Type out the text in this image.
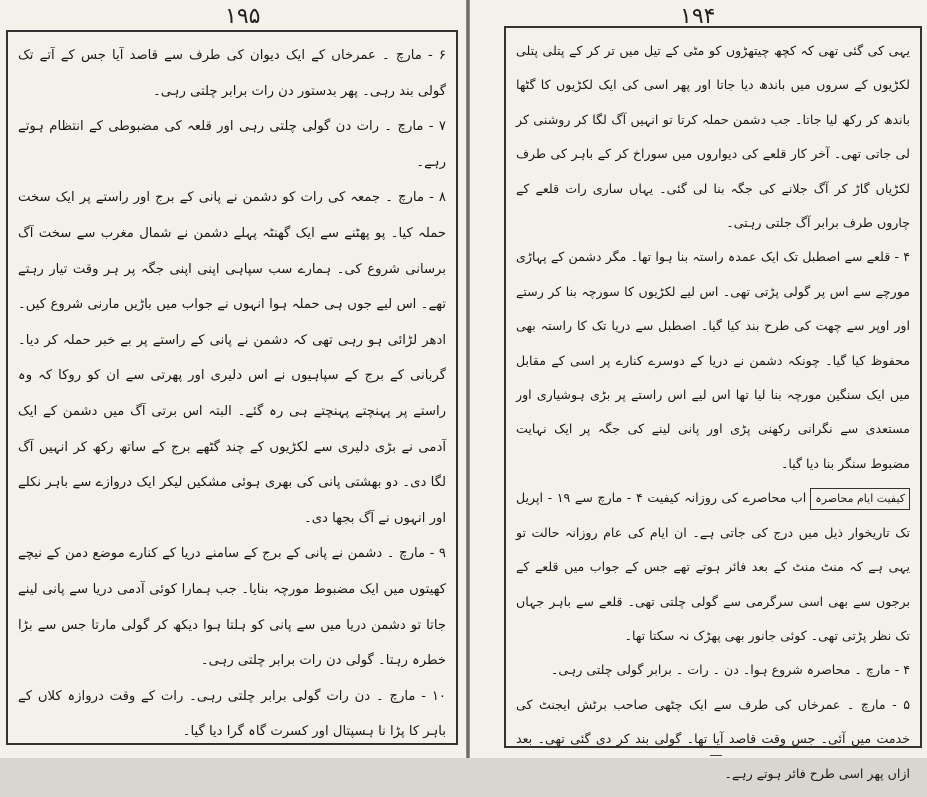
۱۹۵

۶ - مارچ ۔ عمرخاں کے ایک دیوان کی طرف سے قاصد آیا جس کے آتے تک گولی بند رہی۔ پھر بدستور دن رات برابر چلتی رہی۔

۷ - مارچ ۔ رات دن گولی چلتی رہی اور قلعہ کی مضبوطی کے انتظام ہوتے رہے۔

۸ - مارچ ۔ جمعہ کی رات کو دشمن نے پانی کے برج اور راستے پر ایک سخت حملہ کیا۔ پو پھٹنے سے ایک گھنٹہ پہلے دشمن نے شمال مغرب سے سخت آگ برسانی شروع کی۔ ہمارے سب سپاہی اپنی اپنی جگہ پر ہر وقت تیار رہتے تھے۔ اس لیے جوں ہی حملہ ہوا انہوں نے جواب میں باڑیں مارنی شروع کیں۔ ادھر لڑائی ہو رہی تھی کہ دشمن نے پانی کے راستے پر بے خبر حملہ کر دیا۔ گربانی کے برج کے سپاہیوں نے اس دلیری اور پھرتی سے ان کو روکا کہ وہ راستے پر پہنچتے پہنچتے ہی رہ گئے۔ البتہ اس برتی آگ میں دشمن کے ایک آدمی نے بڑی دلیری سے لکڑیوں کے چند گٹھے برج کے ساتھ رکھ کر انہیں آگ لگا دی۔ دو بھشتی پانی کی بھری ہوئی مشکیں لیکر ایک دروازے سے باہر نکلے اور انہوں نے آگ بجھا دی۔

۹ - مارچ ۔ دشمن نے پانی کے برج کے سامنے دریا کے کنارے موضع دمن کے نیچے کھیتوں میں ایک مضبوط مورچہ بنایا۔ جب ہمارا کوئی آدمی دریا سے پانی لینے جاتا تو دشمن دریا میں سے پانی کو ہلتا ہوا دیکھ کر گولی مارتا جس سے بڑا خطرہ رہتا۔ گولی دن رات برابر چلتی رہی۔

۱۰ - مارچ ۔ دن رات گولی برابر چلتی رہی۔ رات کے وقت دروازہ کلاں کے باہر کا پڑا نا ہسپتال اور کسرت گاہ گرا دیا گیا۔

۱۹۴

یہی کی گئی تھی کہ کچھ چیتھڑوں کو مٹی کے تیل میں تر کر کے پتلی پتلی لکڑیوں کے سروں میں باندھ دیا جاتا اور پھر اسی کی ایک لکڑیوں کا گٹھا باندھ کر رکھ لیا جاتا۔ جب دشمن حملہ کرتا تو انہیں آگ لگا کر روشنی کر لی جاتی تھی۔ آخر کار قلعے کی دیواروں میں سوراخ کر کے باہر کی طرف لکڑیاں گاڑ کر آگ جلانے کی جگہ بنا لی گئی۔ یہاں ساری رات قلعے کے چاروں طرف برابر آگ جلتی رہتی۔

۴ - قلعے سے اصطبل تک ایک عمدہ راستہ بنا ہوا تھا۔ مگر دشمن کے پہاڑی مورچے سے اس پر گولی پڑتی تھی۔ اس لیے لکڑیوں کا سورچہ بنا کر رستے اور اوپر سے چھت کی طرح بند کیا گیا۔ اصطبل سے دریا تک کا راستہ بھی محفوظ کیا گیا۔ چونکہ دشمن نے دریا کے دوسرے کنارے پر اسی کے مقابل میں ایک سنگین مورچہ بنا لیا تھا اس لیے اس راستے پر بڑی ہوشیاری اور مستعدی سے نگرانی رکھنی پڑی اور پانی لینے کی جگہ پر ایک نہایت مضبوط سنگر بنا دیا گیا۔

کیفیت ایام محاصرہاب محاصرے کی روزانہ کیفیت ۴ - مارچ سے ۱۹ - اپریل تک تاریخوار ذیل میں درج کی جاتی ہے۔ ان ایام کی عام روزانہ حالت تو یہی ہے کہ منٹ منٹ کے بعد فائر ہوتے تھے جس کے جواب میں قلعے کے برجوں سے بھی اسی سرگرمی سے گولی چلتی تھی۔ قلعے سے باہر جہاں تک نظر پڑتی تھی۔ کوئی جانور بھی پھڑک نہ سکتا تھا۔

۴ - مارچ ۔ محاصرہ شروع ہوا۔ دن ۔ رات ۔ برابر گولی چلتی رہی۔

۵ - مارچ ۔ عمرخاں کی طرف سے ایک چٹھی صاحب برٹش ایجنٹ کی خدمت میں آئی۔ جس وقت قاصد آیا تھا۔ گولی بند کر دی گئی تھی۔ بعد ازاں پھر اسی طرح فائر ہوتے رہے۔
